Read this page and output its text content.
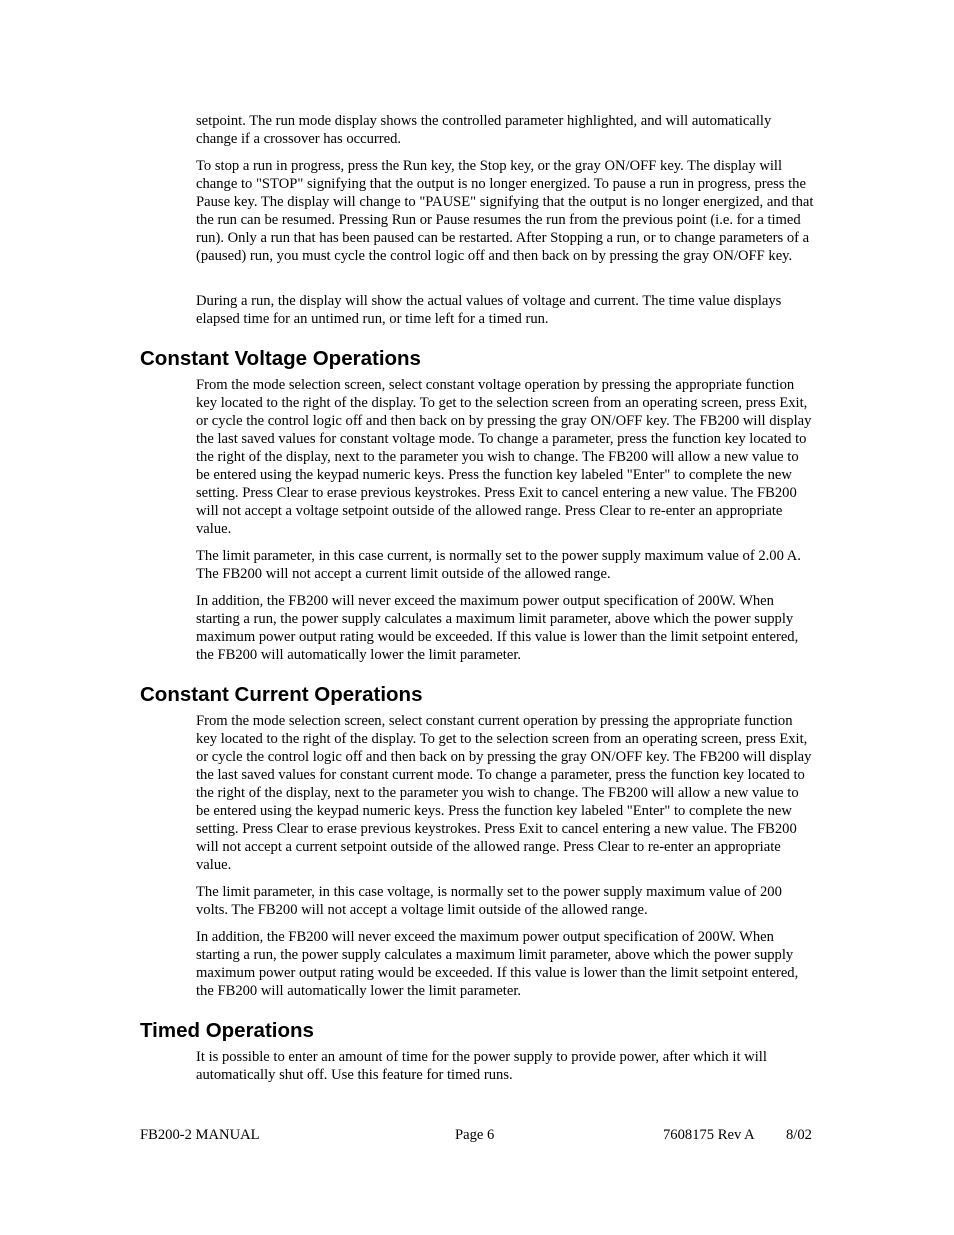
setpoint. The run mode display shows the controlled parameter highlighted, and will automatically change if a crossover has occurred.

To stop a run in progress, press the Run key, the Stop key, or the gray ON/OFF key. The display will change to "STOP" signifying that the output is no longer energized. To pause a run in progress, press the Pause key. The display will change to "PAUSE" signifying that the output is no longer energized, and that the run can be resumed. Pressing Run or Pause resumes the run from the previous point (i.e. for a timed run). Only a run that has been paused can be restarted. After Stopping a run, or to change parameters of a (paused) run, you must cycle the control logic off and then back on by pressing the gray ON/OFF key.

During a run, the display will show the actual values of voltage and current. The time value displays elapsed time for an untimed run, or time left for a timed run.

Constant Voltage Operations

From the mode selection screen, select constant voltage operation by pressing the appropriate function key located to the right of the display. To get to the selection screen from an operating screen, press Exit, or cycle the control logic off and then back on by pressing the gray ON/OFF key. The FB200 will display the last saved values for constant voltage mode. To change a parameter, press the function key located to the right of the display, next to the parameter you wish to change. The FB200 will allow a new value to be entered using the keypad numeric keys. Press the function key labeled "Enter" to complete the new setting. Press Clear to erase previous keystrokes. Press Exit to cancel entering a new value. The FB200 will not accept a voltage setpoint outside of the allowed range. Press Clear to re-enter an appropriate value.

The limit parameter, in this case current, is normally set to the power supply maximum value of 2.00 A. The FB200 will not accept a current limit outside of the allowed range.

In addition, the FB200 will never exceed the maximum power output specification of 200W. When starting a run, the power supply calculates a maximum limit parameter, above which the power supply maximum power output rating would be exceeded. If this value is lower than the limit setpoint entered, the FB200 will automatically lower the limit parameter.

Constant Current Operations

From the mode selection screen, select constant current operation by pressing the appropriate function key located to the right of the display. To get to the selection screen from an operating screen, press Exit, or cycle the control logic off and then back on by pressing the gray ON/OFF key. The FB200 will display the last saved values for constant current mode. To change a parameter, press the function key located to the right of the display, next to the parameter you wish to change. The FB200 will allow a new value to be entered using the keypad numeric keys. Press the function key labeled "Enter" to complete the new setting. Press Clear to erase previous keystrokes. Press Exit to cancel entering a new value. The FB200 will not accept a current setpoint outside of the allowed range. Press Clear to re-enter an appropriate value.

The limit parameter, in this case voltage, is normally set to the power supply maximum value of 200 volts. The FB200 will not accept a voltage limit outside of the allowed range.

In addition, the FB200 will never exceed the maximum power output specification of 200W. When starting a run, the power supply calculates a maximum limit parameter, above which the power supply maximum power output rating would be exceeded. If this value is lower than the limit setpoint entered, the FB200 will automatically lower the limit parameter.

Timed Operations

It is possible to enter an amount of time for the power supply to provide power, after which it will automatically shut off. Use this feature for timed runs.

FB200-2 MANUAL	Page 6	7608175 Rev A 8/02
